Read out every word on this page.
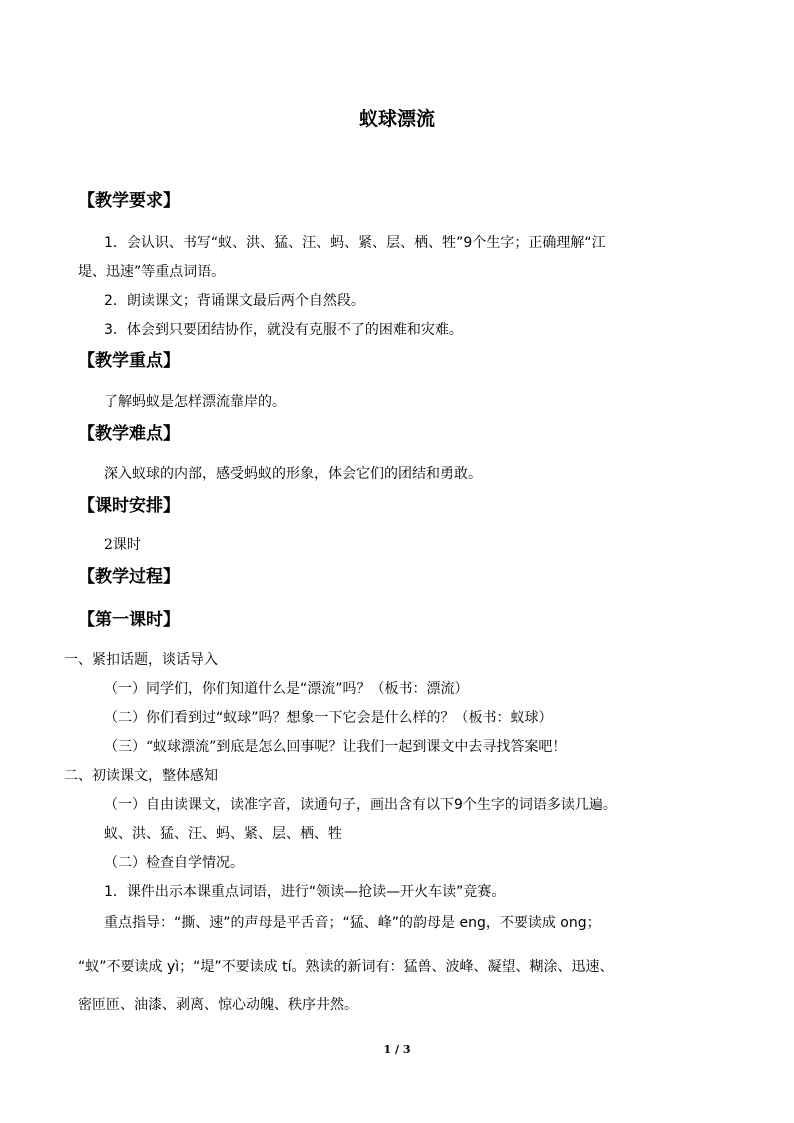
蚁球漂流
【教学要求】
1．会认识、书写“蚁、洪、猛、汪、蚂、紧、层、栖、牲”9个生字；正确理解“江
堤、迅速”等重点词语。
2．朗读课文；背诵课文最后两个自然段。
3．体会到只要团结协作，就没有克服不了的困难和灾难。
【教学重点】
了解蚂蚁是怎样漂流靠岸的。
【教学难点】
深入蚁球的内部，感受蚂蚁的形象，体会它们的团结和勇敢。
【课时安排】
2课时
【教学过程】
【第一课时】
一、紧扣话题，谈话导入
（一）同学们，你们知道什么是“漂流”吗？（板书：漂流）
（二）你们看到过“蚁球”吗？想象一下它会是什么样的？（板书：蚁球）
（三）“蚁球漂流”到底是怎么回事呢？让我们一起到课文中去寻找答案吧！
二、初读课文，整体感知
（一）自由读课文，读准字音，读通句子，画出含有以下9个生字的词语多读几遍。
蚁、洪、猛、汪、蚂、紧、层、栖、牲
（二）检查自学情况。
1．课件出示本课重点词语，进行“领读—抢读—开火车读”竞赛。
重点指导：“撕、速”的声母是平舌音；“猛、峰”的韵母是 eng，不要读成 ong；
“蚁”不要读成 yì；“堤”不要读成 tí。熟读的新词有：猛兽、波峰、凝望、糊涂、迅速、
密匝匝、油漆、剥离、惊心动魄、秩序井然。
1 / 3
